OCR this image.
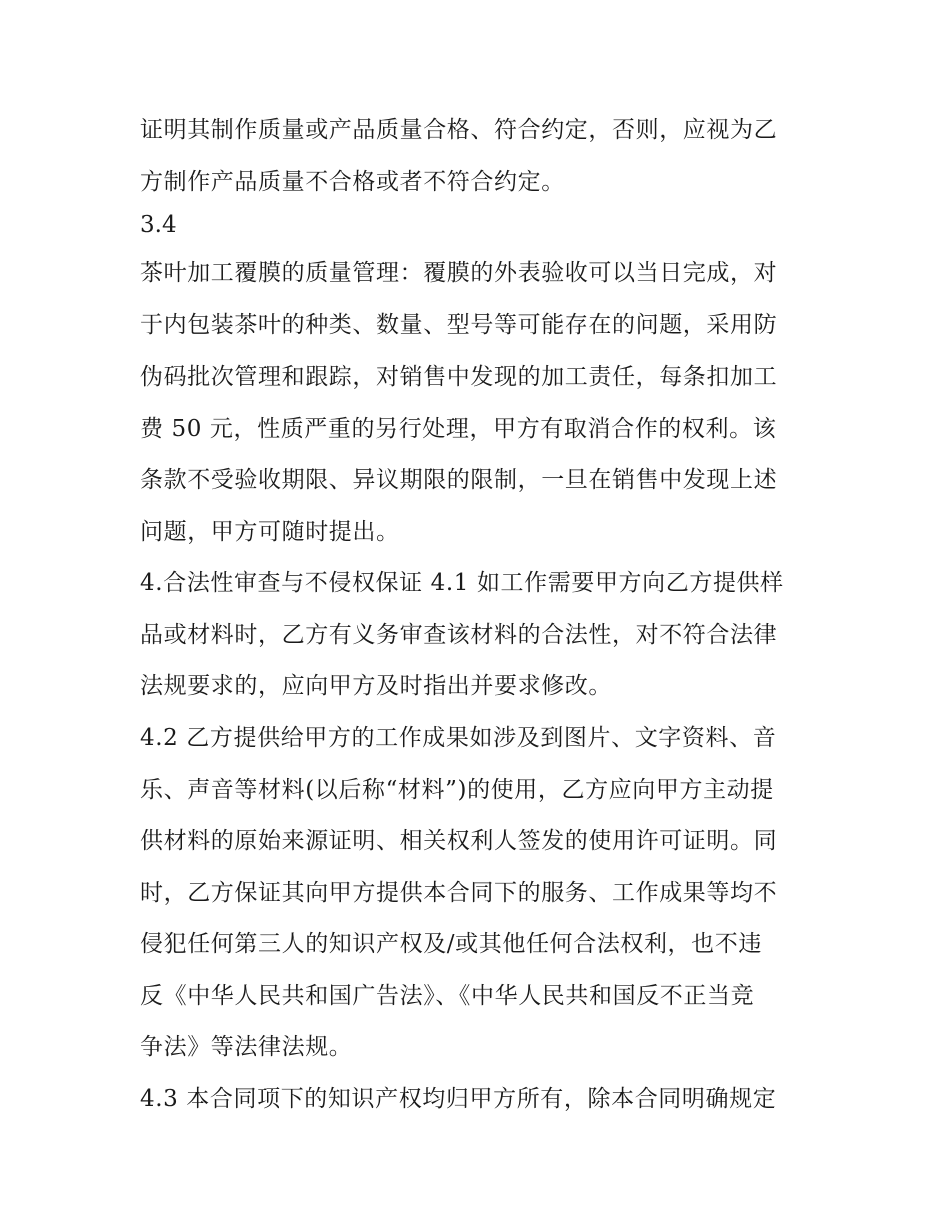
证明其制作质量或产品质量合格、符合约定，否则，应视为乙
方制作产品质量不合格或者不符合约定。
3.4
茶叶加工覆膜的质量管理：覆膜的外表验收可以当日完成，对
于内包装茶叶的种类、数量、型号等可能存在的问题，采用防
伪码批次管理和跟踪，对销售中发现的加工责任，每条扣加工
费 50 元，性质严重的另行处理，甲方有取消合作的权利。该
条款不受验收期限、异议期限的限制，一旦在销售中发现上述
问题，甲方可随时提出。
4.合法性审查与不侵权保证 4.1 如工作需要甲方向乙方提供样
品或材料时，乙方有义务审查该材料的合法性，对不符合法律
法规要求的，应向甲方及时指出并要求修改。
4.2 乙方提供给甲方的工作成果如涉及到图片、文字资料、音
乐、声音等材料(以后称“材料”)的使用，乙方应向甲方主动提
供材料的原始来源证明、相关权利人签发的使用许可证明。同
时，乙方保证其向甲方提供本合同下的服务、工作成果等均不
侵犯任何第三人的知识产权及/或其他任何合法权利，也不违
反《中华人民共和国广告法》、《中华人民共和国反不正当竞
争法》等法律法规。
4.3 本合同项下的知识产权均归甲方所有，除本合同明确规定
